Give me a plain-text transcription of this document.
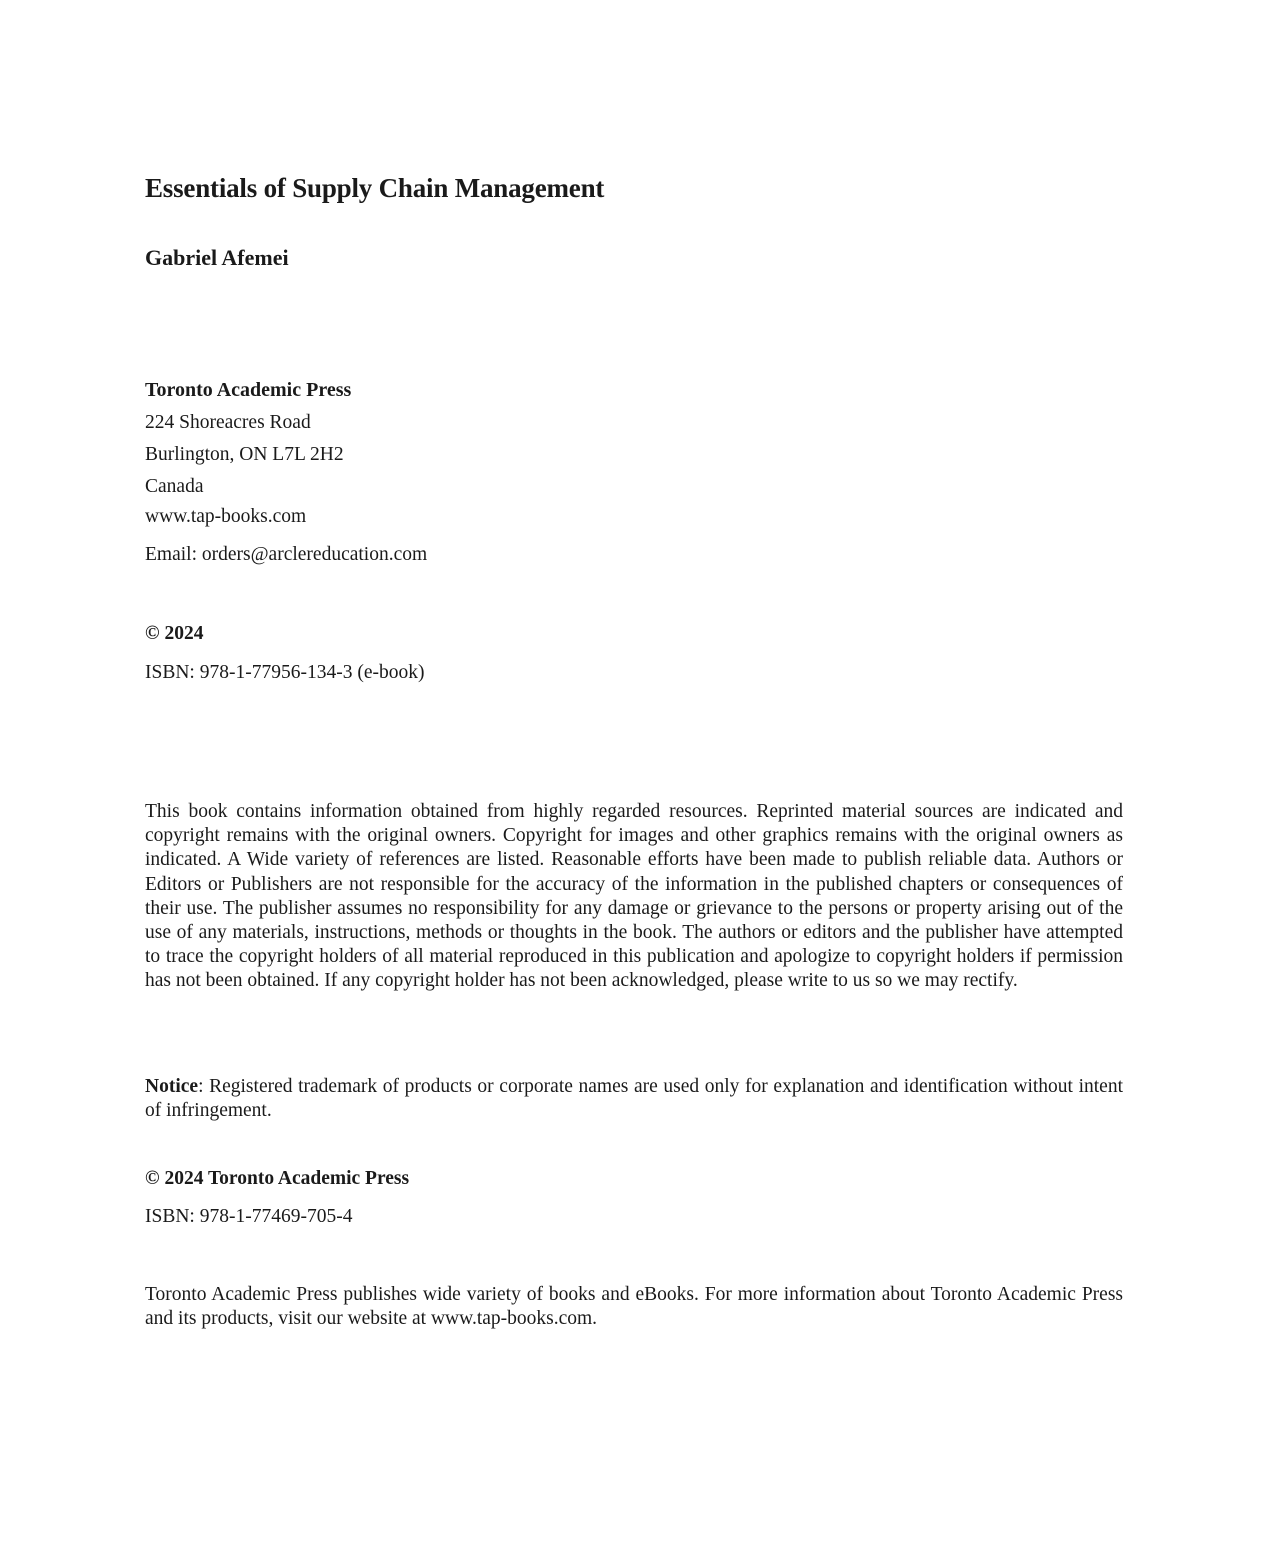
Essentials of Supply Chain Management
Gabriel Afemei
Toronto Academic Press
224 Shoreacres Road
Burlington, ON L7L 2H2
Canada
www.tap-books.com
Email: orders@arclereducation.com
© 2024
ISBN: 978-1-77956-134-3 (e-book)

This book contains information obtained from highly regarded resources. Reprinted material sources are indicated and copyright remains with the original owners. Copyright for images and other graphics remains with the original owners as indicated. A Wide variety of references are listed. Reasonable efforts have been made to publish reliable data. Authors or Editors or Publishers are not responsible for the accuracy of the information in the published chapters or consequences of their use. The publisher assumes no responsibility for any damage or grievance to the persons or property arising out of the use of any materials, instructions, methods or thoughts in the book. The authors or editors and the publisher have attempted to trace the copyright holders of all material reproduced in this publication and apologize to copyright holders if permission has not been obtained. If any copyright holder has not been acknowledged, please write to us so we may rectify.

Notice: Registered trademark of products or corporate names are used only for explanation and identification without intent of infringement.

© 2024 Toronto Academic Press
ISBN: 978-1-77469-705-4

Toronto Academic Press publishes wide variety of books and eBooks. For more information about Toronto Academic Press and its products, visit our website at www.tap-books.com.
